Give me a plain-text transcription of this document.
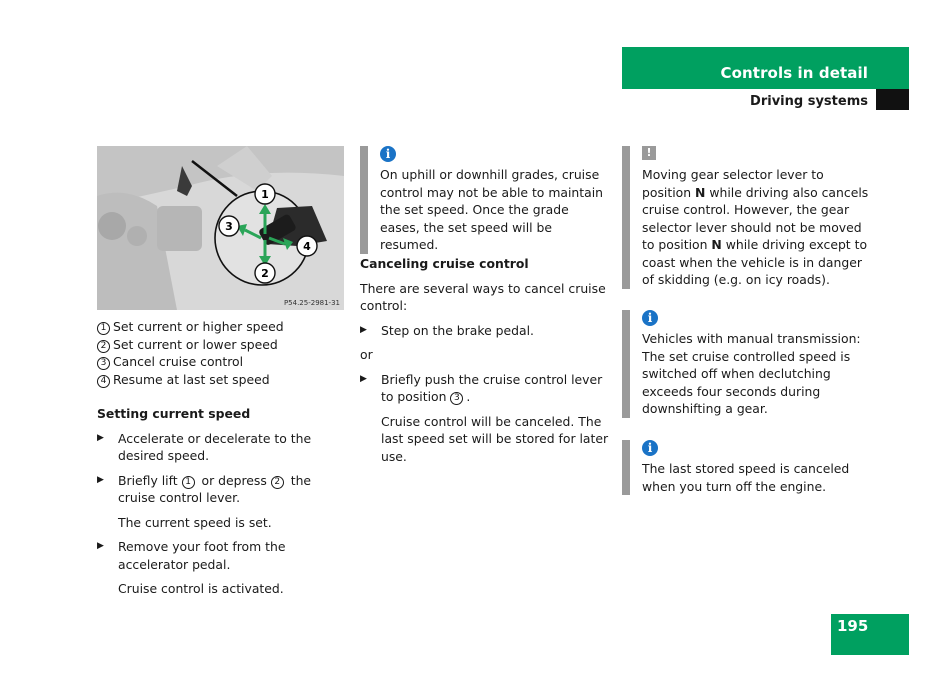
Controls in detail
Driving systems
1
2
3
4
P54.25-2981-31

1 Set current or higher speed

2 Set current or lower speed

3 Cancel cruise control

4 Resume at last set speed

Setting current speed

▶ Accelerate or decelerate to the desired speed.

▶ Briefly lift 1 or depress 2 the cruise control lever.

The current speed is set.

▶ Remove your foot from the accelerator pedal.

Cruise control is activated.

i

On uphill or downhill grades, cruise control may not be able to maintain the set speed. Once the grade eases, the set speed will be resumed.

Canceling cruise control

There are several ways to cancel cruise control:

▶ Step on the brake pedal.

or

▶ Briefly push the cruise control lever to position 3 .

Cruise control will be canceled. The last speed set will be stored for later use.

!

Moving gear selector lever to position N while driving also cancels cruise control. However, the gear selector lever should not be moved to position N while driving except to coast when the vehicle is in danger of skidding (e.g. on icy roads).

i

Vehicles with manual transmission: The set cruise controlled speed is switched off when declutching exceeds four seconds during downshifting a gear.

i

The last stored speed is canceled when you turn off the engine.

195
